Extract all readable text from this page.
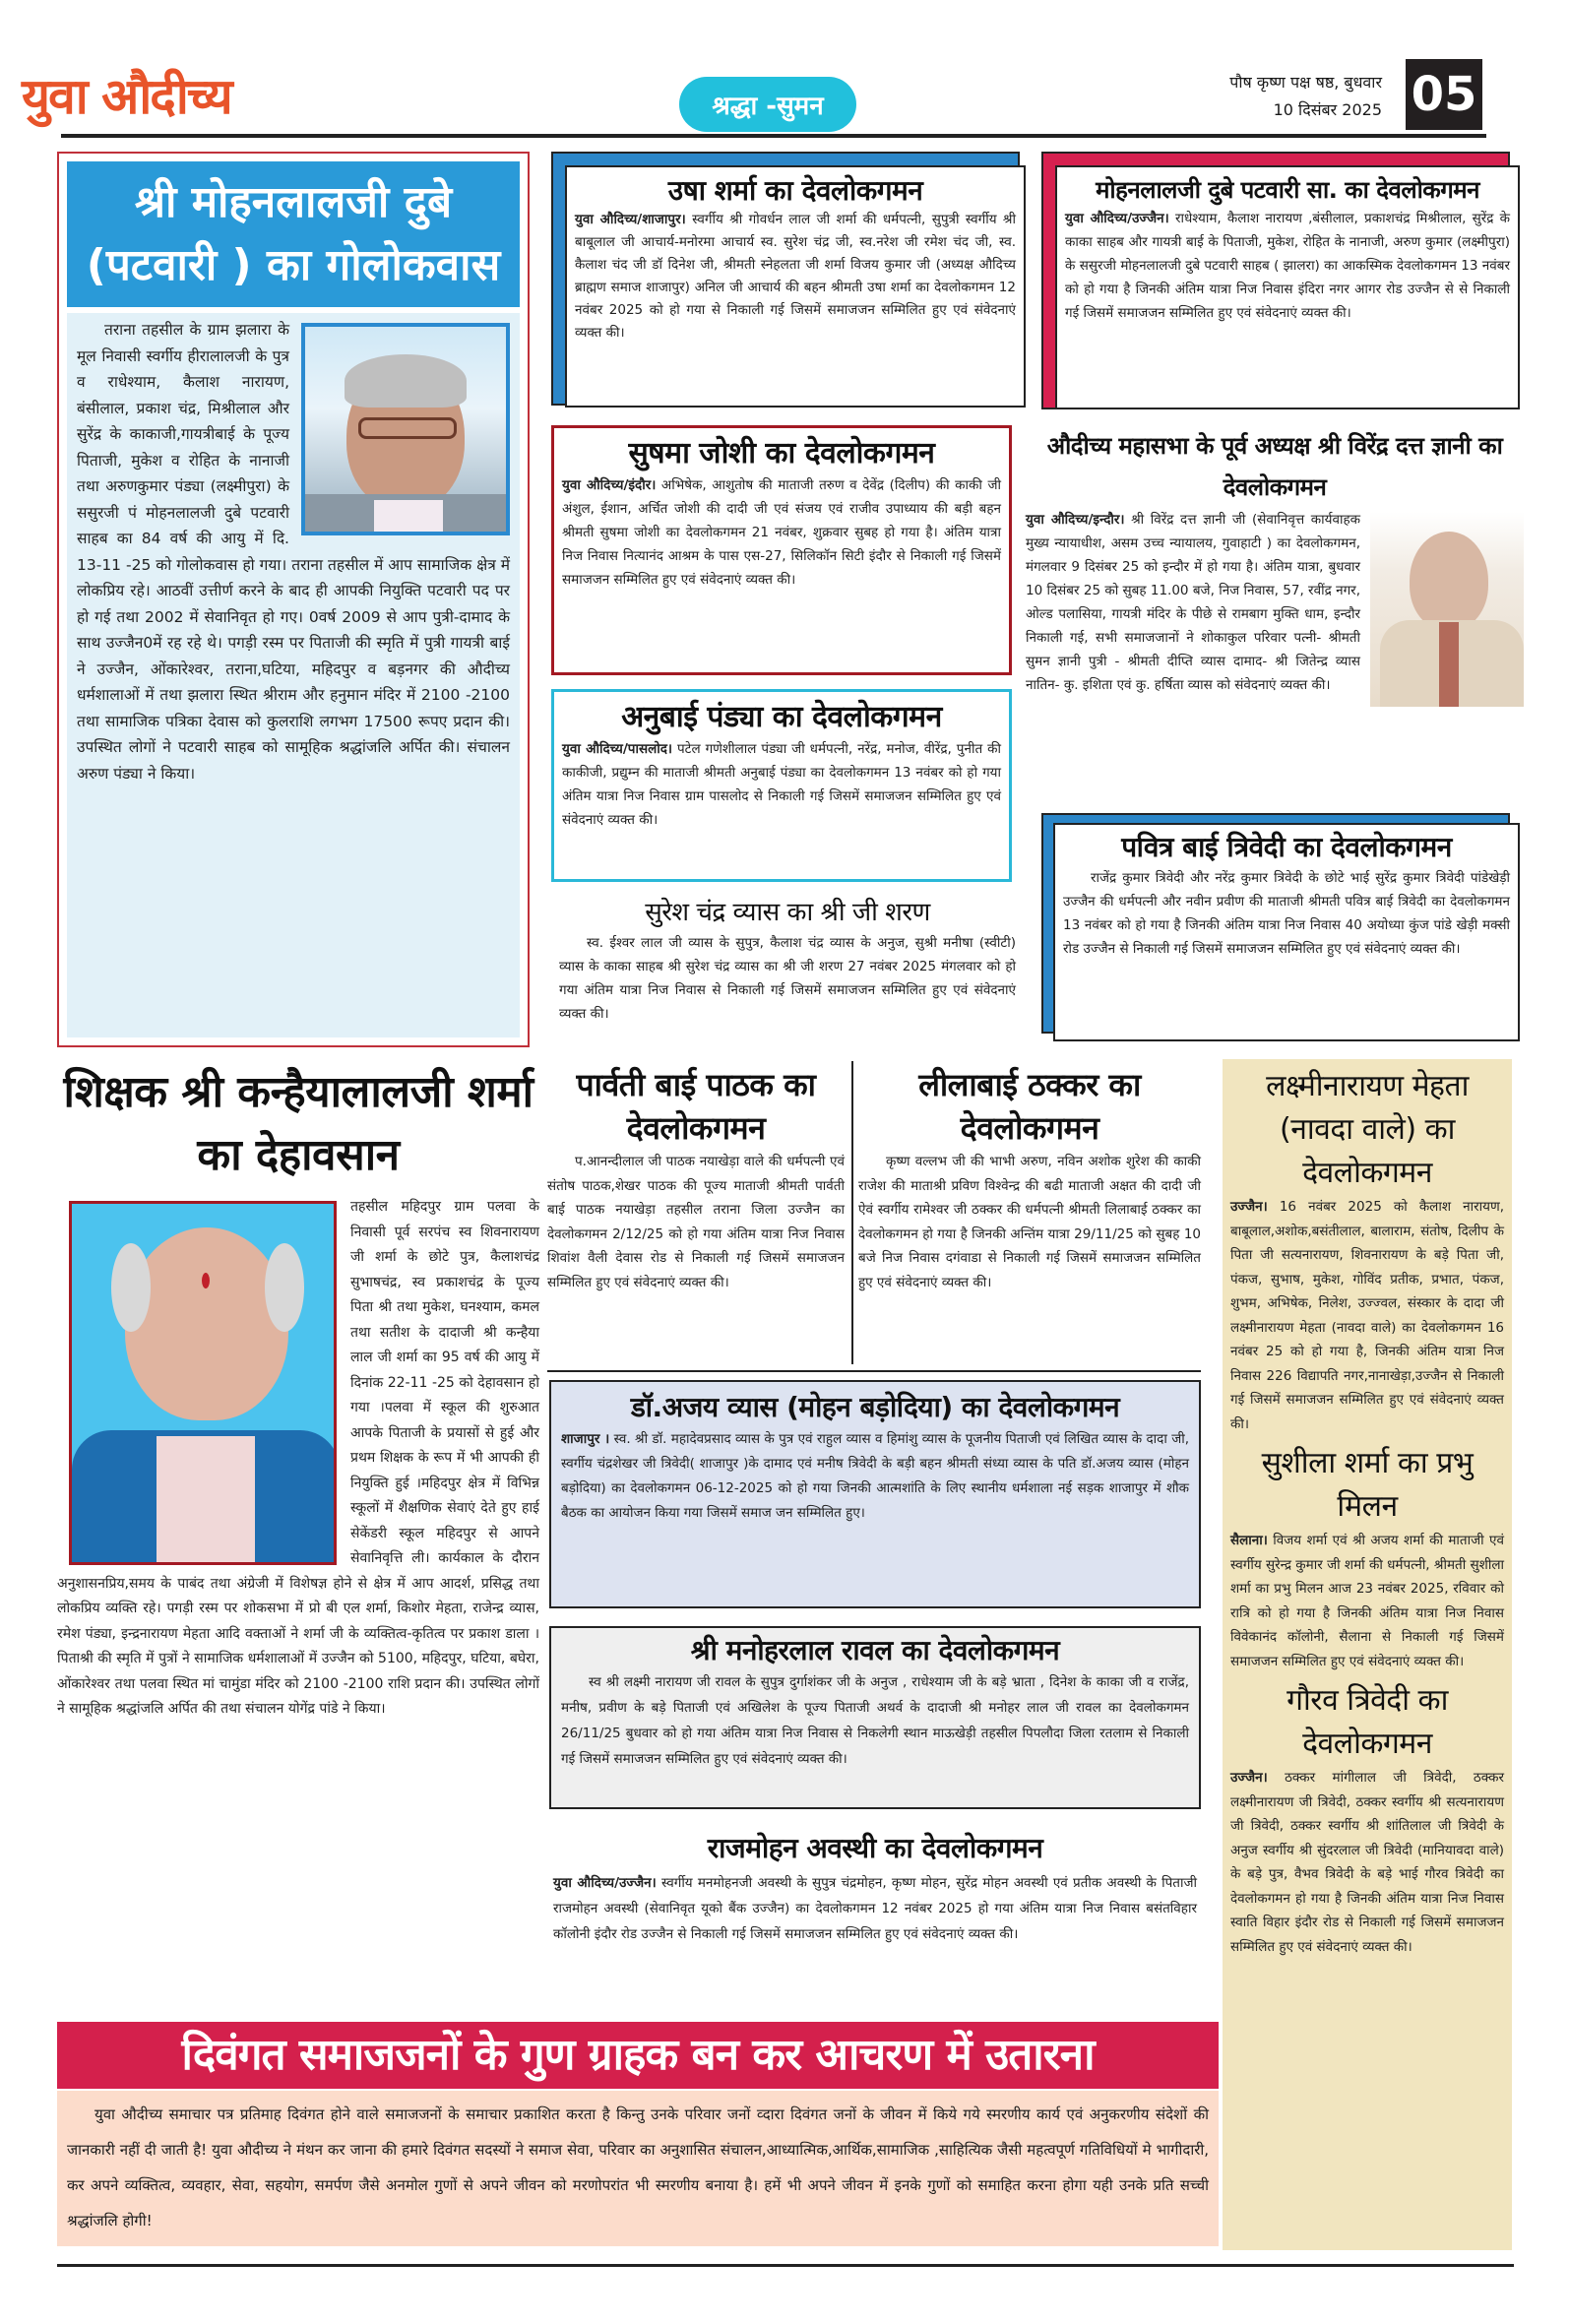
युवा औदीच्य	श्रद्धा -सुमन
पौष कृष्ण पक्ष षष्ठ, बुधवार
10 दिसंबर 2025 05
श्री मोहनलालजी दुबे (पटवारी ) का गोलोकवास

तराना तहसील के ग्राम झलारा के मूल निवासी स्वर्गीय हीरालालजी के पुत्र व राधेश्याम, कैलाश नारायण, बंसीलाल, प्रकाश चंद्र, मिश्रीलाल और सुरेंद्र के काकाजी,गायत्रीबाई के पूज्य पिताजी, मुकेश व रोहित के नानाजी तथा अरुणकुमार पंड्या (लक्ष्मीपुरा) के ससुरजी पं मोहनलालजी दुबे पटवारी साहब का 84 वर्ष की आयु में दि. 13-11 -25 को गोलोकवास हो गया। तराना तहसील में आप सामाजिक क्षेत्र में लोकप्रिय रहे। आठवीं उत्तीर्ण करने के बाद ही आपकी नियुक्ति पटवारी पद पर हो गई तथा 2002 में सेवानिवृत हो गए। 0वर्ष 2009 से आप पुत्री-दामाद के साथ उज्जैन0में रह रहे थे। पगड़ी रस्म पर पिताजी की स्मृति में पुत्री गायत्री बाई ने उज्जैन, ओंकारेश्वर, तराना,घटिया, महिदपुर व बड़नगर की औदीच्य धर्मशालाओं में तथा झलारा स्थित श्रीराम और हनुमान मंदिर में 2100 -2100 तथा सामाजिक पत्रिका देवास को कुलराशि लगभग 17500 रूपए प्रदान की। उपस्थित लोगों ने पटवारी साहब को सामूहिक श्रद्धांजलि अर्पित की। संचालन अरुण पंड्या ने किया।

उषा शर्मा का देवलोकगमन

युवा औदिच्य/शाजापुर। स्वर्गीय श्री गोवर्धन लाल जी शर्मा की धर्मपत्नी, सुपुत्री स्वर्गीय श्री बाबूलाल जी आचार्य-मनोरमा आचार्य स्व. सुरेश चंद्र जी, स्व.नरेश जी रमेश चंद जी, स्व. कैलाश चंद जी डॉ दिनेश जी, श्रीमती स्नेहलता जी शर्मा विजय कुमार जी (अध्यक्ष औदिच्य ब्राह्मण समाज शाजापुर) अनिल जी आचार्य की बहन श्रीमती उषा शर्मा का देवलोकगमन 12 नवंबर 2025 को हो गया से निकाली गई जिसमें समाजजन सम्मिलित हुए एवं संवेदनाएं व्यक्त की।

मोहनलालजी दुबे पटवारी सा. का देवलोकगमन

युवा औदिच्य/उज्जैन। राधेश्याम, कैलाश नारायण ,बंसीलाल, प्रकाशचंद्र मिश्रीलाल, सुरेंद्र के काका साहब और गायत्री बाई के पिताजी, मुकेश, रोहित के नानाजी, अरुण कुमार (लक्ष्मीपुरा) के ससुरजी मोहनलालजी दुबे पटवारी साहब ( झालरा) का आकस्मिक देवलोकगमन 13 नवंबर को हो गया है जिनकी अंतिम यात्रा निज निवास इंदिरा नगर आगर रोड उज्जैन से से निकाली गई जिसमें समाजजन सम्मिलित हुए एवं संवेदनाएं व्यक्त की।

सुषमा जोशी का देवलोकगमन

युवा औदिच्य/इंदौर। अभिषेक, आशुतोष की माताजी तरुण व देवेंद्र (दिलीप) की काकी जी अंशुल, ईशान, अर्चित जोशी की दादी जी एवं संजय एवं राजीव उपाध्याय की बड़ी बहन श्रीमती सुषमा जोशी का देवलोकगमन 21 नवंबर, शुक्रवार सुबह हो गया है। अंतिम यात्रा निज निवास नित्यानंद आश्रम के पास एस-27, सिलिकॉन सिटी इंदौर से निकाली गई जिसमें समाजजन सम्मिलित हुए एवं संवेदनाएं व्यक्त की।

अनुबाई पंड्या का देवलोकगमन

युवा औदिच्य/पासलोद। पटेल गणेशीलाल पंड्या जी धर्मपत्नी, नरेंद्र, मनोज, वीरेंद्र, पुनीत की काकीजी, प्रद्युम्न की माताजी श्रीमती अनुबाई पंड्या का देवलोकगमन 13 नवंबर को हो गया अंतिम यात्रा निज निवास ग्राम पासलोद से निकाली गई जिसमें समाजजन सम्मिलित हुए एवं संवेदनाएं व्यक्त की।

सुरेश चंद्र व्यास का श्री जी शरण

स्व. ईश्वर लाल जी व्यास के सुपुत्र, कैलाश चंद्र व्यास के अनुज, सुश्री मनीषा (स्वीटी) व्यास के काका साहब श्री सुरेश चंद्र व्यास का श्री जी शरण 27 नवंबर 2025 मंगलवार को हो गया अंतिम यात्रा निज निवास से निकाली गई जिसमें समाजजन सम्मिलित हुए एवं संवेदनाएं व्यक्त की।

औदीच्य महासभा के पूर्व अध्यक्ष श्री विरेंद्र दत्त ज्ञानी का देवलोकगमन

युवा औदिच्य/इन्दौर। श्री विरेंद्र दत्त ज्ञानी जी (सेवानिवृत्त कार्यवाहक मुख्य न्यायाधीश, असम उच्च न्यायालय, गुवाहाटी ) का देवलोकगमन, मंगलवार 9 दिसंबर 25 को इन्दौर में हो गया है। अंतिम यात्रा, बुधवार 10 दिसंबर 25 को सुबह 11.00 बजे, निज निवास, 57, रवींद्र नगर, ओल्ड पलासिया, गायत्री मंदिर के पीछे से रामबाग मुक्ति धाम, इन्दौर निकाली गई, सभी समाजजानों ने शोकाकुल परिवार पत्नी- श्रीमती सुमन ज्ञानी पुत्री - श्रीमती दीप्ति व्यास दामाद- श्री जितेन्द्र व्यास नातिन- कु. इशिता एवं कु. हर्षिता व्यास को संवेदनाएं व्यक्त की।

पवित्र बाई त्रिवेदी का देवलोकगमन

राजेंद्र कुमार त्रिवेदी और नरेंद्र कुमार त्रिवेदी के छोटे भाई सुरेंद्र कुमार त्रिवेदी पांडेखेड़ी उज्जैन की धर्मपत्नी और नवीन प्रवीण की माताजी श्रीमती पवित्र बाई त्रिवेदी का देवलोकगमन 13 नवंबर को हो गया है जिनकी अंतिम यात्रा निज निवास 40 अयोध्या कुंज पांडे खेड़ी मक्सी रोड उज्जैन से निकाली गई जिसमें समाजजन सम्मिलित हुए एवं संवेदनाएं व्यक्त की।

शिक्षक श्री कन्हैयालालजी शर्मा का देहावसान

तहसील महिदपुर ग्राम पलवा के निवासी पूर्व सरपंच स्व शिवनारायण जी शर्मा के छोटे पुत्र, कैलाशचंद्र सुभाषचंद्र, स्व प्रकाशचंद्र के पूज्य पिता श्री तथा मुकेश, घनश्याम, कमल तथा सतीश के दादाजी श्री कन्हैया लाल जी शर्मा का 95 वर्ष की आयु में दिनांक 22-11 -25 को देहावसान हो गया ।पलवा में स्कूल की शुरुआत आपके पिताजी के प्रयासों से हुई और प्रथम शिक्षक के रूप में भी आपकी ही नियुक्ति हुई ।महिदपुर क्षेत्र में विभिन्न स्कूलों में शैक्षणिक सेवाएं देते हुए हाई सेकेंडरी स्कूल महिदपुर से आपने सेवानिवृत्ति ली। कार्यकाल के दौरान अनुशासनप्रिय,समय के पाबंद तथा अंग्रेजी में विशेषज्ञ होने से क्षेत्र में आप आदर्श, प्रसिद्ध तथा लोकप्रिय व्यक्ति रहे। पगड़ी रस्म पर शोकसभा में प्रो बी एल शर्मा, किशोर मेहता, राजेन्द्र व्यास, रमेश पंड्या, इन्द्रनारायण मेहता आदि वक्ताओं ने शर्मा जी के व्यक्तित्व-कृतित्व पर प्रकाश डाला ।पिताश्री की स्मृति में पुत्रों ने सामाजिक धर्मशालाओं में उज्जैन को 5100, महिदपुर, घटिया, बघेरा, ओंकारेश्वर तथा पलवा स्थित मां चामुंडा मंदिर को 2100 -2100 राशि प्रदान की। उपस्थित लोगों ने सामूहिक श्रद्धांजलि अर्पित की तथा संचालन योगेंद्र पांडे ने किया।

पार्वती बाई पाठक का देवलोकगमन

प.आनन्दीलाल जी पाठक नयाखेड़ा वाले की धर्मपत्नी एवं संतोष पाठक,शेखर पाठक की पूज्य माताजी श्रीमती पार्वती बाई पाठक नयाखेड़ा तहसील तराना जिला उज्जैन का देवलोकगमन 2/12/25 को हो गया अंतिम यात्रा निज निवास शिवांश वैली देवास रोड से निकाली गई जिसमें समाजजन सम्मिलित हुए एवं संवेदनाएं व्यक्त की।

लीलाबाई ठक्कर का देवलोकगमन

कृष्ण वल्लभ जी की भाभी अरुण, नविन अशोक शुरेश की काकी राजेश की माताश्री प्रविण विश्वेन्द्र की बढी माताजी अक्षत की दादी जी ऐवं स्वर्गीय रामेश्वर जी ठक्कर की धर्मपत्नी श्रीमती लिलाबाई ठक्कर का देवलोकगमन हो गया है जिनकी अन्तिंम यात्रा 29/11/25 को सुबह 10 बजे निज निवास दगंवाडा से निकाली गई जिसमें समाजजन सम्मिलित हुए एवं संवेदनाएं व्यक्त की।

डॉ.अजय व्यास (मोहन बड़ोदिया) का देवलोकगमन

शाजापुर । स्व. श्री डॉ. महादेवप्रसाद व्यास के पुत्र एवं राहुल व्यास व हिमांशु व्यास के पूजनीय पिताजी एवं लिखित व्यास के दादा जी, स्वर्गीय चंद्रशेखर जी त्रिवेदी( शाजापुर )के दामाद एवं मनीष त्रिवेदी के बड़ी बहन श्रीमती संध्या व्यास के पति डॉ.अजय व्यास (मोहन बड़ोदिया) का देवलोकगमन 06-12-2025 को हो गया जिनकी आत्मशांति के लिए स्थानीय धर्मशाला नई सड़क शाजापुर में शौक बैठक का आयोजन किया गया जिसमें समाज जन सम्मिलित हुए।

श्री मनोहरलाल रावल का देवलोकगमन

स्व श्री लक्ष्मी नारायण जी रावल के सुपुत्र दुर्गाशंकर जी के अनुज , राधेश्याम जी के बड़े भ्राता , दिनेश के काका जी व राजेंद्र, मनीष, प्रवीण के बड़े पिताजी एवं अखिलेश के पूज्य पिताजी अथर्व के दादाजी श्री मनोहर लाल जी रावल का देवलोकगमन 26/11/25 बुधवार को हो गया अंतिम यात्रा निज निवास से निकलेगी स्थान माऊखेड़ी तहसील पिपलौदा जिला रतलाम से निकाली गई जिसमें समाजजन सम्मिलित हुए एवं संवेदनाएं व्यक्त की।

राजमोहन अवस्थी का देवलोकगमन

युवा औदिच्य/उज्जैन। स्वर्गीय मनमोहनजी अवस्थी के सुपुत्र चंद्रमोहन, कृष्ण मोहन, सुरेंद्र मोहन अवस्थी एवं प्रतीक अवस्थी के पिताजी राजमोहन अवस्थी (सेवानिवृत यूको बैंक उज्जैन) का देवलोकगमन 12 नवंबर 2025 हो गया अंतिम यात्रा निज निवास बसंतविहार कॉलोनी इंदौर रोड उज्जैन से निकाली गई जिसमें समाजजन सम्मिलित हुए एवं संवेदनाएं व्यक्त की।

लक्ष्मीनारायण मेहता (नावदा वाले) का देवलोकगमन

उज्जैन। 16 नवंबर 2025 को कैलाश नारायण, बाबूलाल,अशोक,बसंतीलाल, बालाराम, संतोष, दिलीप के पिता जी सत्यनारायण, शिवनारायण के बड़े पिता जी, पंकज, सुभाष, मुकेश, गोविंद प्रतीक, प्रभात, पंकज, शुभम, अभिषेक, निलेश, उज्ज्वल, संस्कार के दादा जी लक्ष्मीनारायण मेहता (नावदा वाले) का देवलोकगमन 16 नवंबर 25 को हो गया है, जिनकी अंतिम यात्रा निज निवास 226 विद्यापति नगर,नानाखेड़ा,उज्जैन से निकाली गई जिसमें समाजजन सम्मिलित हुए एवं संवेदनाएं व्यक्त की।

सुशीला शर्मा का प्रभु मिलन

सैलाना। विजय शर्मा एवं श्री अजय शर्मा की माताजी एवं स्वर्गीय सुरेन्द्र कुमार जी शर्मा की धर्मपत्नी, श्रीमती सुशीला शर्मा का प्रभु मिलन आज 23 नवंबर 2025, रविवार को रात्रि को हो गया है जिनकी अंतिम यात्रा निज निवास विवेकानंद कॉलोनी, सैलाना से निकाली गई जिसमें समाजजन सम्मिलित हुए एवं संवेदनाएं व्यक्त की।

गौरव त्रिवेदी का देवलोकगमन

उज्जैन। ठक्कर मांगीलाल जी त्रिवेदी, ठक्कर लक्ष्मीनारायण जी त्रिवेदी, ठक्कर स्वर्गीय श्री सत्यनारायण जी त्रिवेदी, ठक्कर स्वर्गीय श्री शांतिलाल जी त्रिवेदी के अनुज स्वर्गीय श्री सुंदरलाल जी त्रिवेदी (मानियावदा वाले) के बड़े पुत्र, वैभव त्रिवेदी के बड़े भाई गौरव त्रिवेदी का देवलोकगमन हो गया है जिनकी अंतिम यात्रा निज निवास स्वाति विहार इंदौर रोड से निकाली गई जिसमें समाजजन सम्मिलित हुए एवं संवेदनाएं व्यक्त की।

दिवंगत समाजजनों के गुण ग्राहक बन कर आचरण में उतारना

युवा औदीच्य समाचार पत्र प्रतिमाह दिवंगत होने वाले समाजजनों के समाचार प्रकाशित करता है किन्तु उनके परिवार जनों व्दारा दिवंगत जनों के जीवन में किये गये स्मरणीय कार्य एवं अनुकरणीय संदेशों की जानकारी नहीं दी जाती है! युवा औदीच्य ने मंथन कर जाना की हमारे दिवंगत सदस्यों ने समाज सेवा, परिवार का अनुशासित संचालन,आध्यात्मिक,आर्थिक,सामाजिक ,साहित्यिक जैसी महत्वपूर्ण गतिविधियों मे भागीदारी, कर अपने व्यक्तित्व, व्यवहार, सेवा, सहयोग, समर्पण जैसे अनमोल गुणों से अपने जीवन को मरणोपरांत भी स्मरणीय बनाया है। हमें भी अपने जीवन में इनके गुणों को समाहित करना होगा यही उनके प्रति सच्ची श्रद्धांजलि होगी!
